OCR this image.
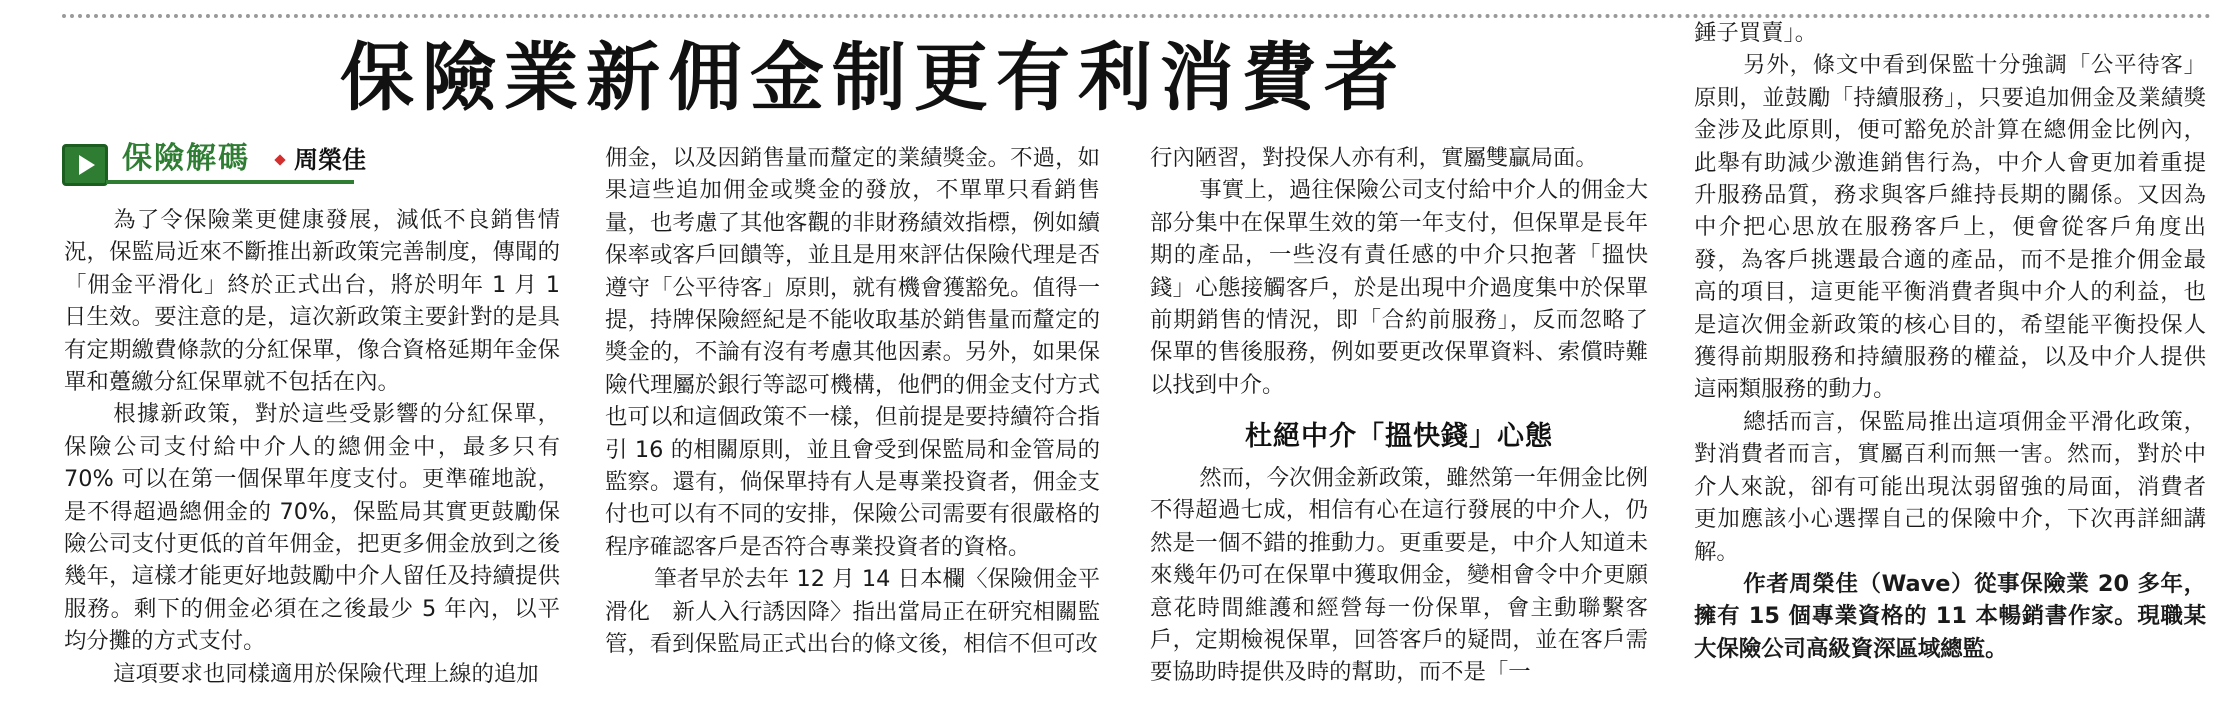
保險業新佣金制更有利消費者
保險解碼 周榮佳

為了令保險業更健康發展，減低不良銷售情況，保監局近來不斷推出新政策完善制度，傳聞的「佣金平滑化」終於正式出台，將於明年 1 月 1 日生效。要注意的是，這次新政策主要針對的是具有定期繳費條款的分紅保單，像合資格延期年金保單和躉繳分紅保單就不包括在內。

根據新政策，對於這些受影響的分紅保單，保險公司支付給中介人的總佣金中，最多只有 70% 可以在第一個保單年度支付。更準確地說，是不得超過總佣金的 70%，保監局其實更鼓勵保險公司支付更低的首年佣金，把更多佣金放到之後幾年，這樣才能更好地鼓勵中介人留任及持續提供服務。剩下的佣金必須在之後最少 5 年內，以平均分攤的方式支付。

這項要求也同樣適用於保險代理上線的追加

佣金，以及因銷售量而釐定的業績獎金。不過，如果這些追加佣金或獎金的發放，不單單只看銷售量，也考慮了其他客觀的非財務績效指標，例如續保率或客戶回饋等，並且是用來評估保險代理是否遵守「公平待客」原則，就有機會獲豁免。值得一提，持牌保險經紀是不能收取基於銷售量而釐定的獎金的，不論有沒有考慮其他因素。另外，如果保險代理屬於銀行等認可機構，他們的佣金支付方式也可以和這個政策不一樣，但前提是要持續符合指引 16 的相關原則，並且會受到保監局和金管局的監察。還有，倘保單持有人是專業投資者，佣金支付也可以有不同的安排，保險公司需要有很嚴格的程序確認客戶是否符合專業投資者的資格。

筆者早於去年 12 月 14 日本欄〈保險佣金平滑化　新人入行誘因降〉指出當局正在研究相關監管，看到保監局正式出台的條文後，相信不但可改

行內陋習，對投保人亦有利，實屬雙贏局面。

事實上，過往保險公司支付給中介人的佣金大部分集中在保單生效的第一年支付，但保單是長年期的產品，一些沒有責任感的中介只抱著「搵快錢」心態接觸客戶，於是出現中介過度集中於保單前期銷售的情況，即「合約前服務」，反而忽略了保單的售後服務，例如要更改保單資料、索償時難以找到中介。

杜絕中介「搵快錢」心態

然而，今次佣金新政策，雖然第一年佣金比例不得超過七成，相信有心在這行發展的中介人，仍然是一個不錯的推動力。更重要是，中介人知道未來幾年仍可在保單中獲取佣金，變相會令中介更願意花時間維護和經營每一份保單，會主動聯繫客戶，定期檢視保單，回答客戶的疑問，並在客戶需要協助時提供及時的幫助，而不是「一

錘子買賣」。

另外，條文中看到保監十分強調「公平待客」原則，並鼓勵「持續服務」，只要追加佣金及業績獎金涉及此原則，便可豁免於計算在總佣金比例內，此舉有助減少激進銷售行為，中介人會更加着重提升服務品質，務求與客戶維持長期的關係。又因為中介把心思放在服務客戶上，便會從客戶角度出發，為客戶挑選最合適的產品，而不是推介佣金最高的項目，這更能平衡消費者與中介人的利益，也是這次佣金新政策的核心目的，希望能平衡投保人獲得前期服務和持續服務的權益，以及中介人提供這兩類服務的動力。

總括而言，保監局推出這項佣金平滑化政策，對消費者而言，實屬百利而無一害。然而，對於中介人來說，卻有可能出現汰弱留強的局面，消費者更加應該小心選擇自己的保險中介，下次再詳細講解。

作者周榮佳（Wave）從事保險業 20 多年，擁有 15 個專業資格的 11 本暢銷書作家。現職某大保險公司高級資深區域總監。
